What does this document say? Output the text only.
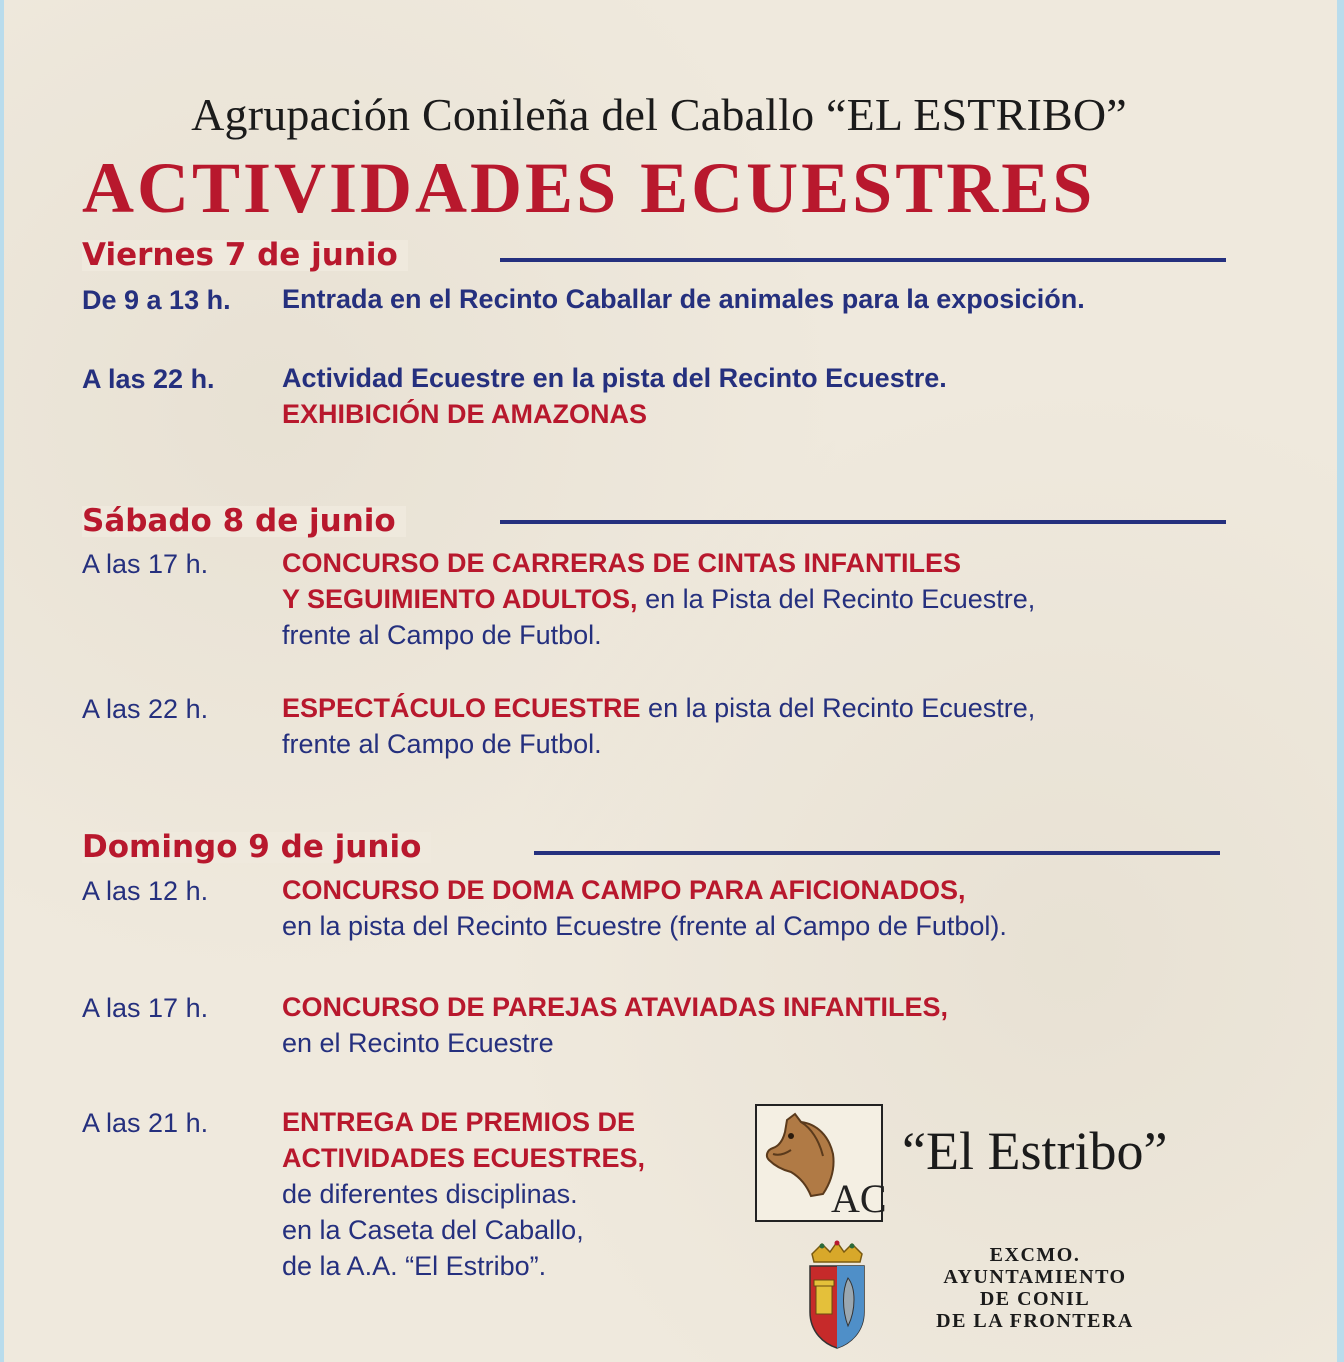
Agrupación Conileña del Caballo “EL ESTRIBO”
ACTIVIDADES ECUESTRES
Viernes 7 de junio
De 9 a 13 h. Entrada en el Recinto Caballar de animales para la exposición.
A las 22 h. Actividad Ecuestre en la pista del Recinto Ecuestre.
EXHIBICIÓN DE AMAZONAS
Sábado 8 de junio
A las 17 h.	CONCURSO DE CARRERAS DE CINTAS INFANTILES
Y SEGUIMIENTO ADULTOS, en la Pista del Recinto Ecuestre,
frente al Campo de Futbol.
A las 22 h.	ESPECTÁCULO ECUESTRE en la pista del Recinto Ecuestre,
frente al Campo de Futbol.
Domingo 9 de junio
A las 12 h.	CONCURSO DE DOMA CAMPO PARA AFICIONADOS,
en la pista del Recinto Ecuestre (frente al Campo de Futbol).
A las 17 h.	CONCURSO DE PAREJAS ATAVIADAS INFANTILES,
en el Recinto Ecuestre
A las 21 h.	ENTREGA DE PREMIOS DE
ACTIVIDADES ECUESTRES,
de diferentes disciplinas.
en la Caseta del Caballo,
de la A.A. “El Estribo”.
AC
“El Estribo”
EXCMO.
AYUNTAMIENTO
DE CONIL
DE LA FRONTERA
